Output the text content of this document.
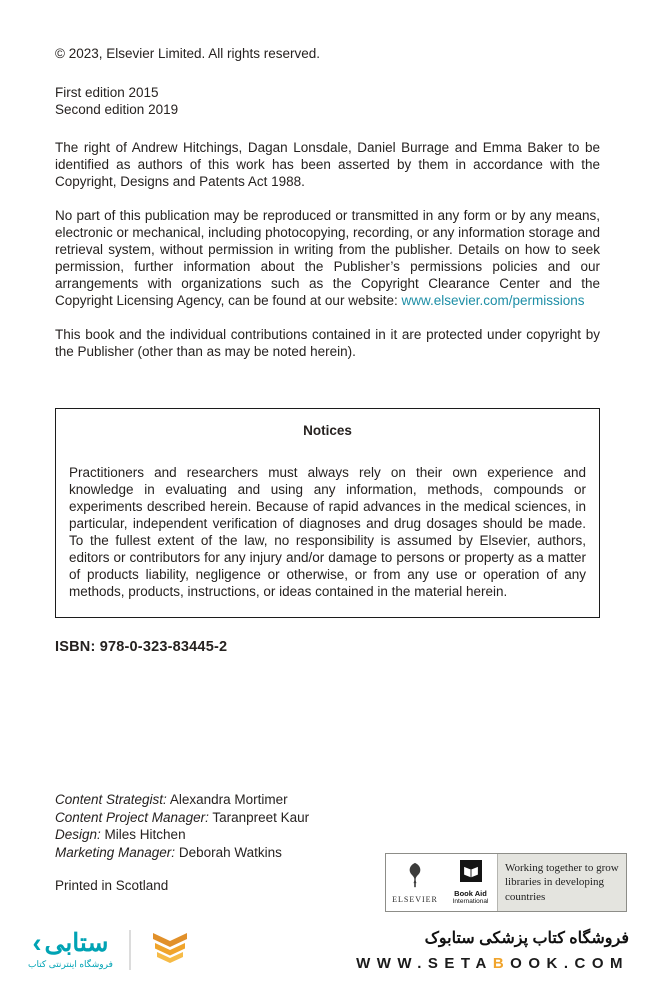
© 2023, Elsevier Limited. All rights reserved.

First edition 2015

Second edition 2019

The right of Andrew Hitchings, Dagan Lonsdale, Daniel Burrage and Emma Baker to be identified as authors of this work has been asserted by them in accordance with the Copyright, Designs and Patents Act 1988.

No part of this publication may be reproduced or transmitted in any form or by any means, electronic or mechanical, including photocopying, recording, or any information storage and retrieval system, without permission in writing from the publisher. Details on how to seek permission, further information about the Publisher’s permissions policies and our arrangements with organizations such as the Copyright Clearance Center and the Copyright Licensing Agency, can be found at our website: www.elsevier.com/permissions

This book and the individual contributions contained in it are protected under copyright by the Publisher (other than as may be noted herein).

Notices

Practitioners and researchers must always rely on their own experience and knowledge in evaluating and using any information, methods, compounds or experiments described herein. Because of rapid advances in the medical sciences, in particular, independent verification of diagnoses and drug dosages should be made. To the fullest extent of the law, no responsibility is assumed by Elsevier, authors, editors or contributors for any injury and/or damage to persons or property as a matter of products liability, negligence or otherwise, or from any use or operation of any methods, products, instructions, or ideas contained in the material herein.

ISBN: 978-0-323-83445-2

Content Strategist: Alexandra Mortimer

Content Project Manager: Taranpreet Kaur

Design: Miles Hitchen

Marketing Manager: Deborah Watkins

Printed in Scotland

ELSEVIER
Book Aid
International
Working together to grow libraries in developing countries
‹ ستابی
فروشگاه اینترنتی کتاب
فروشگاه کتاب پزشکی ستابوک
WWW.SETABOOK.COM
